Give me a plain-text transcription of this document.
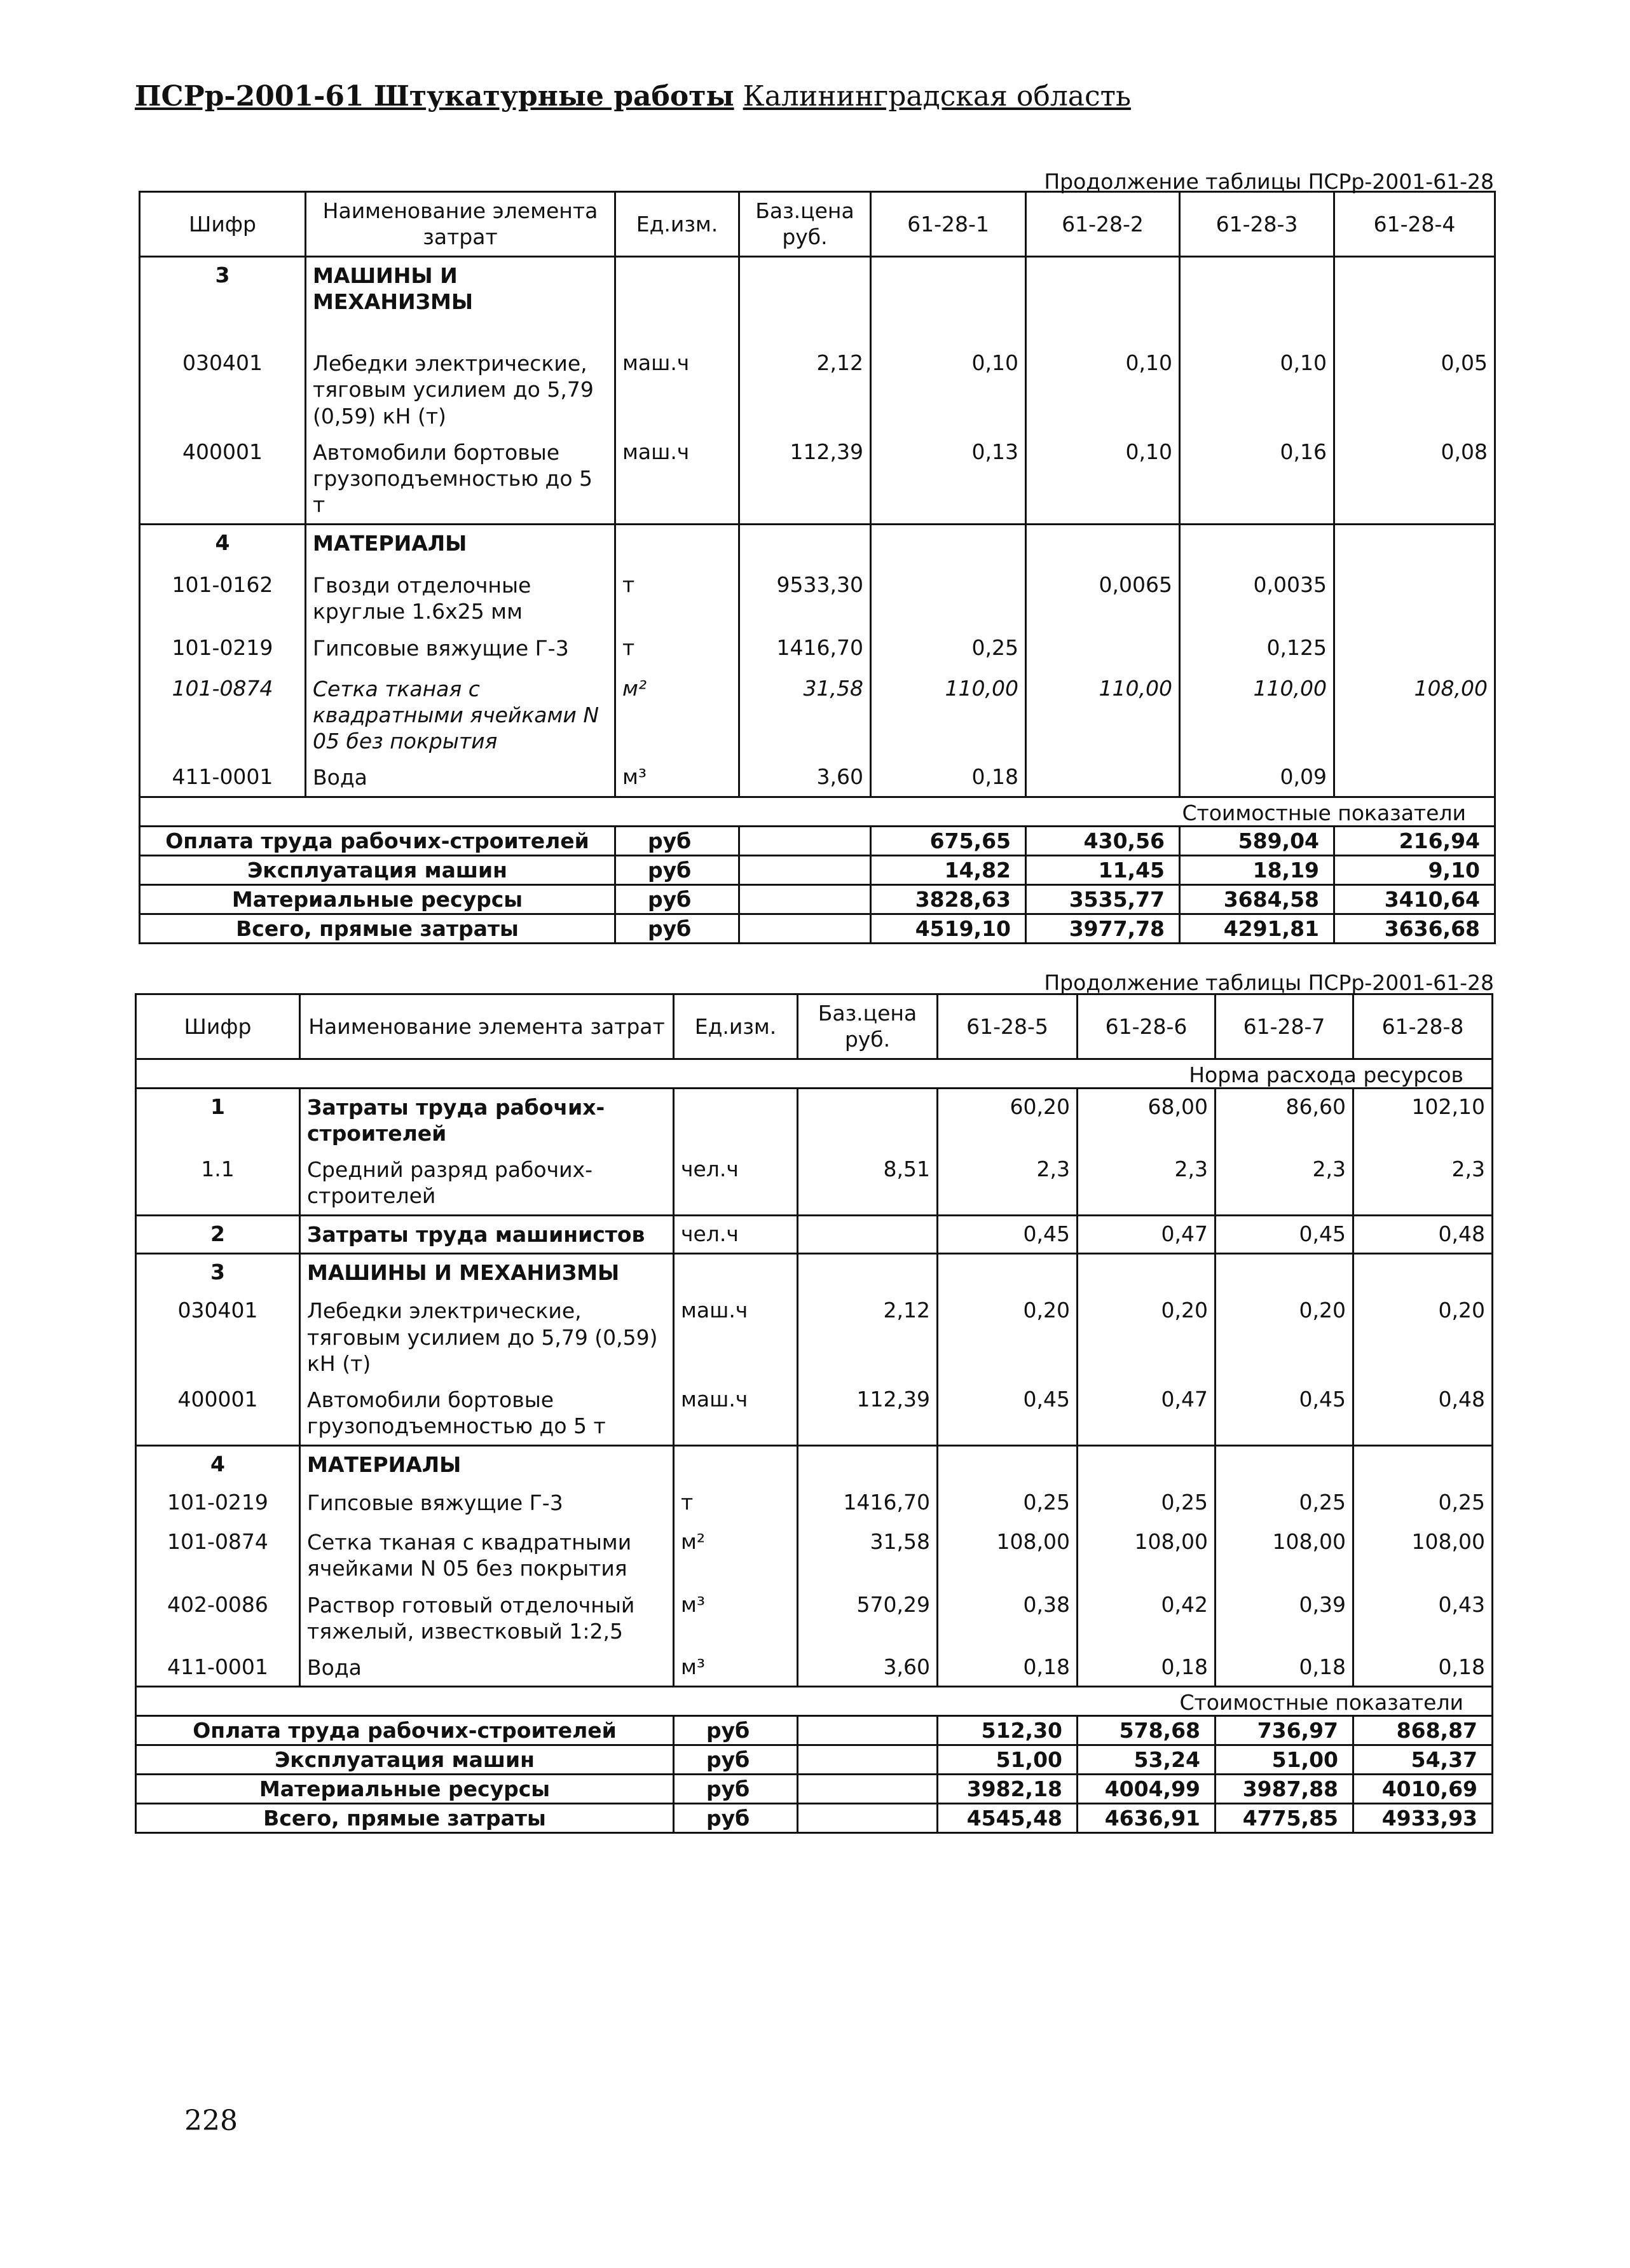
ПСРр-2001-61 Штукатурные работы Калининградская область
Продолжение таблицы ПСРр-2001-61-28
Шифр	Наименование элемента затрат	Ед.изм.	Баз.цена руб.	61-28-1	61-28-2	61-28-3	61-28-4
3	МАШИНЫ И МЕХАНИЗМЫ						
030401	Лебедки электрические, тяговым усилием до 5,79 (0,59) кН (т)	маш.ч	2,12	0,10	0,10	0,10	0,05
400001	Автомобили бортовые грузоподъемностью до 5 т	маш.ч	112,39	0,13	0,10	0,16	0,08
4	МАТЕРИАЛЫ						
101-0162	Гвозди отделочные круглые 1.6х25 мм	т	9533,30		0,0065	0,0035	
101-0219	Гипсовые вяжущие Г-3	т	1416,70	0,25		0,125	
101-0874	Сетка тканая с квадратными ячейками N 05 без покрытия	м²	31,58	110,00	110,00	110,00	108,00
411-0001	Вода	м³	3,60	0,18		0,09	
Стоимостные показатели							
Оплата труда рабочих-строителей		руб		675,65	430,56	589,04	216,94
Эксплуатация машин		руб		14,82	11,45	18,19	9,10
Материальные ресурсы		руб		3828,63	3535,77	3684,58	3410,64
Всего, прямые затраты		руб		4519,10	3977,78	4291,81	3636,68
Продолжение таблицы ПСРр-2001-61-28
Шифр	Наименование элемента затрат	Ед.изм.	Баз.цена руб.	61-28-5	61-28-6	61-28-7	61-28-8
Норма расхода ресурсов							
1	Затраты труда рабочих-строителей			60,20	68,00	86,60	102,10
1.1	Средний разряд рабочих-строителей	чел.ч	8,51	2,3	2,3	2,3	2,3
2	Затраты труда машинистов	чел.ч		0,45	0,47	0,45	0,48
3	МАШИНЫ И МЕХАНИЗМЫ						
030401	Лебедки электрические, тяговым усилием до 5,79 (0,59) кН (т)	маш.ч	2,12	0,20	0,20	0,20	0,20
400001	Автомобили бортовые грузоподъемностью до 5 т	маш.ч	112,39	0,45	0,47	0,45	0,48
4	МАТЕРИАЛЫ						
101-0219	Гипсовые вяжущие Г-3	т	1416,70	0,25	0,25	0,25	0,25
101-0874	Сетка тканая с квадратными ячейками N 05 без покрытия	м²	31,58	108,00	108,00	108,00	108,00
402-0086	Раствор готовый отделочный тяжелый, известковый 1:2,5	м³	570,29	0,38	0,42	0,39	0,43
411-0001	Вода	м³	3,60	0,18	0,18	0,18	0,18
Стоимостные показатели							
Оплата труда рабочих-строителей		руб		512,30	578,68	736,97	868,87
Эксплуатация машин		руб		51,00	53,24	51,00	54,37
Материальные ресурсы		руб		3982,18	4004,99	3987,88	4010,69
Всего, прямые затраты		руб		4545,48	4636,91	4775,85	4933,93
228
